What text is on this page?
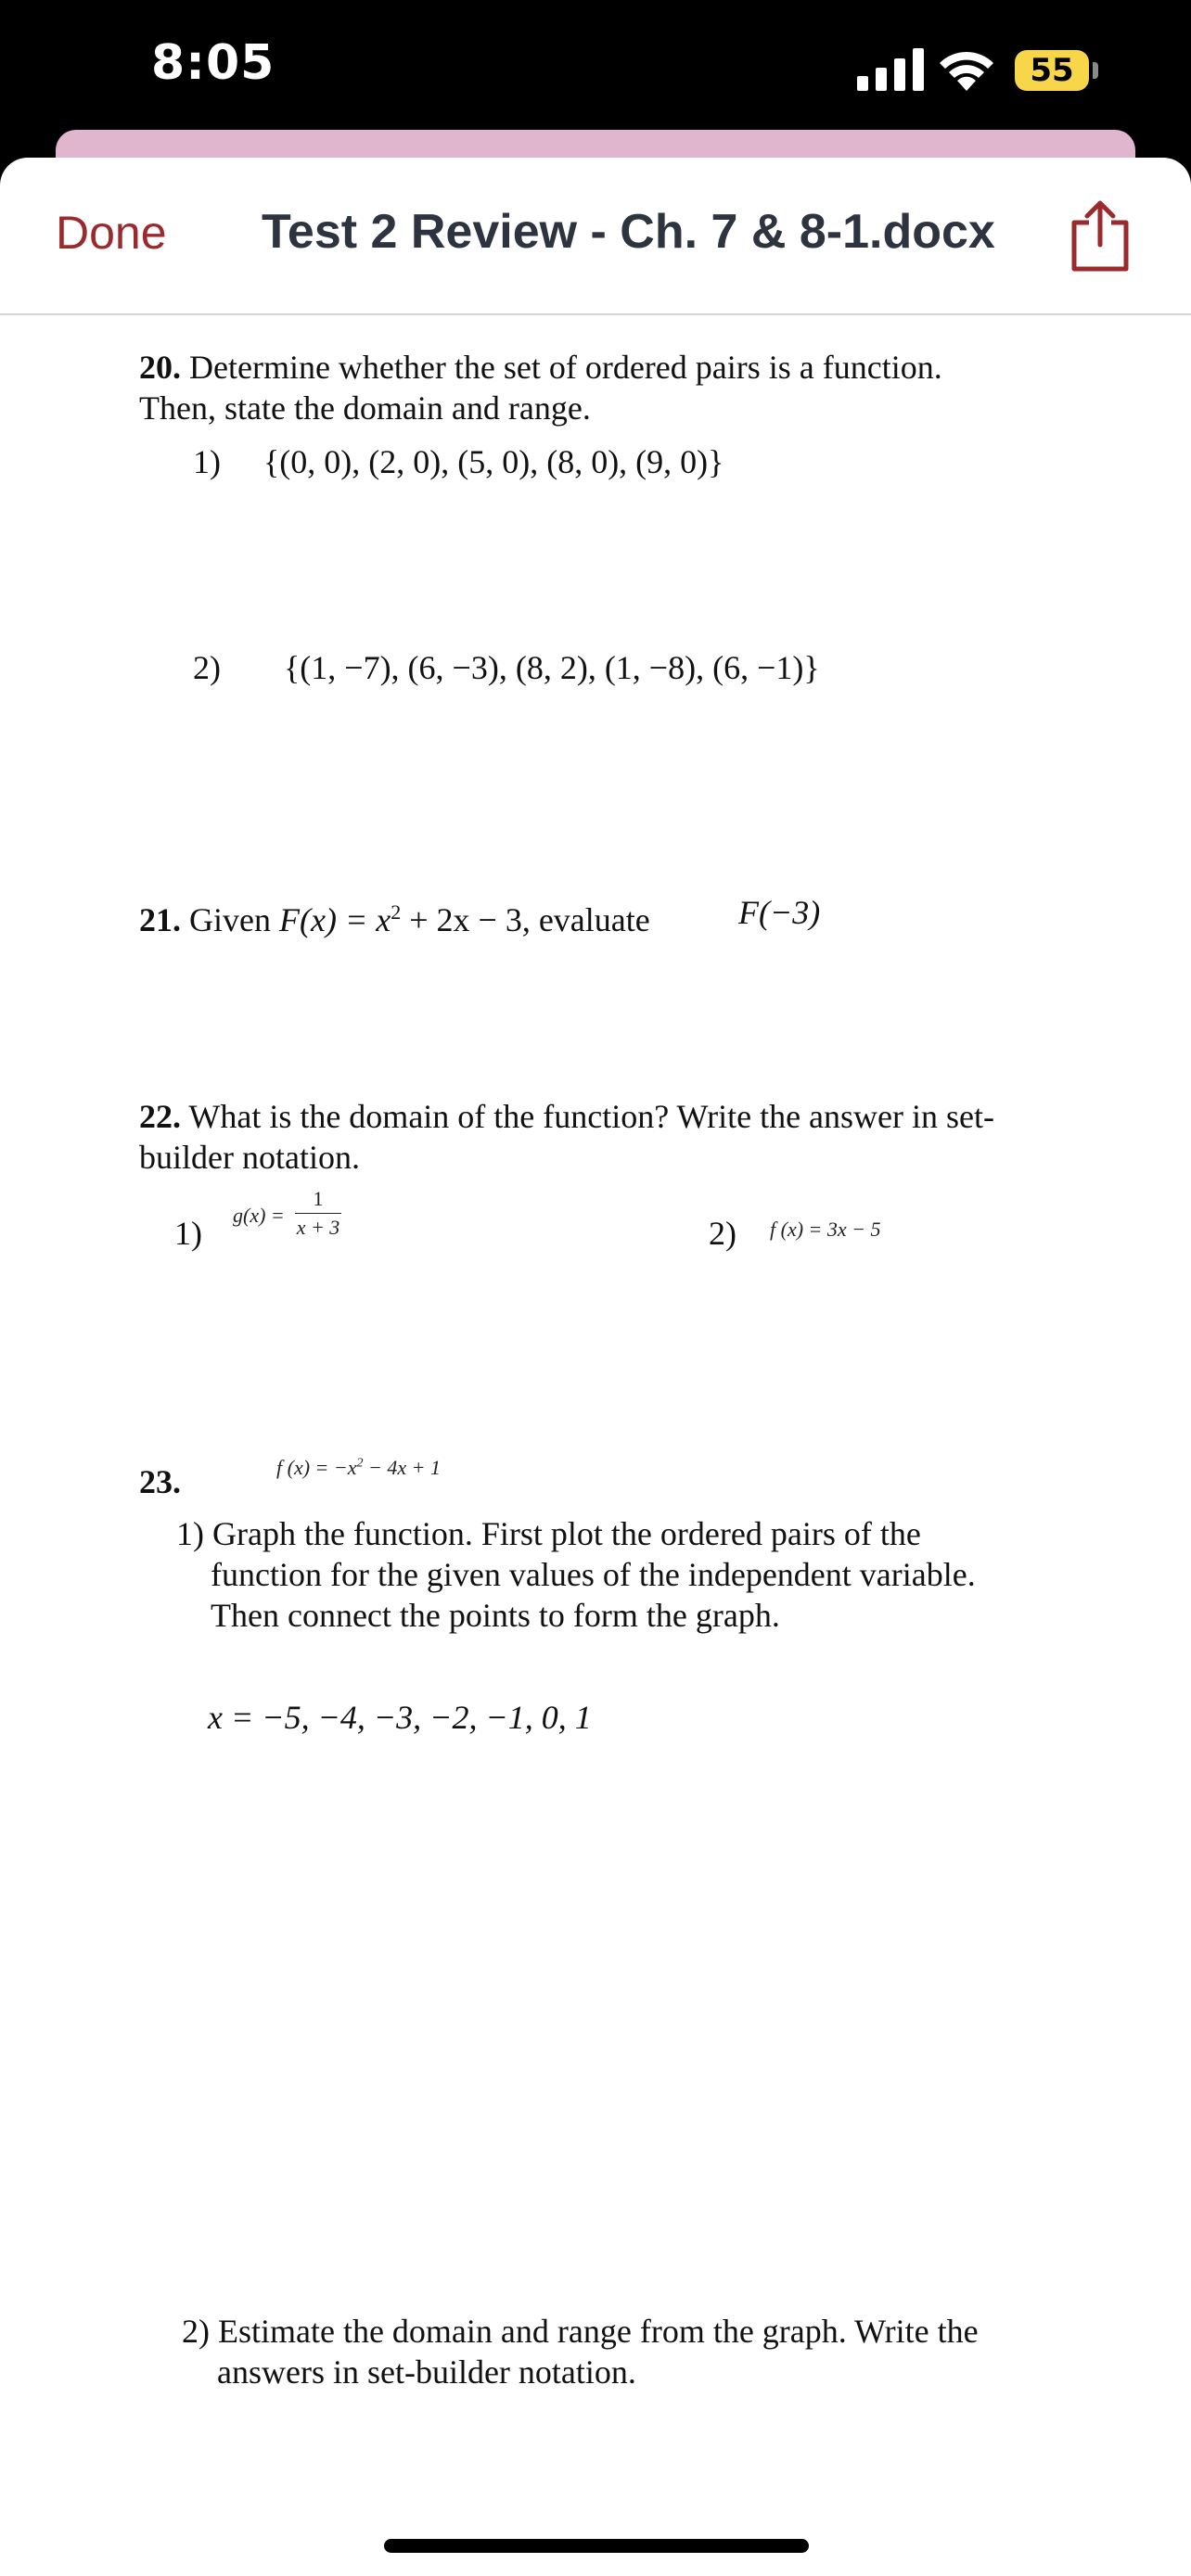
8:05	55
Done Test 2 Review - Ch. 7 & 8-1.docx
20. Determine whether the set of ordered pairs is a function.
Then, state the domain and range.
1) {(0, 0), (2, 0), (5, 0), (8, 0), (9, 0)}
2) {(1, −7), (6, −3), (8, 2), (1, −8), (6, −1)}
21. Given $F(x) = x^2 + 2x - 3$, evaluate	F(−3)
22. What is the domain of the function? Write the answer in set-
builder notation.
1) g(x) =
1
x + 3	2) f (x) = 3x − 5
23.	f $(x) = -x^2 - 4x + 1$
1) Graph the function. First plot the ordered pairs of the
function for the given values of the independent variable.
Then connect the points to form the graph.
x = −5, −4, −3, −2, −1, 0, 1
2) Estimate the domain and range from the graph. Write the
answers in set-builder notation.
